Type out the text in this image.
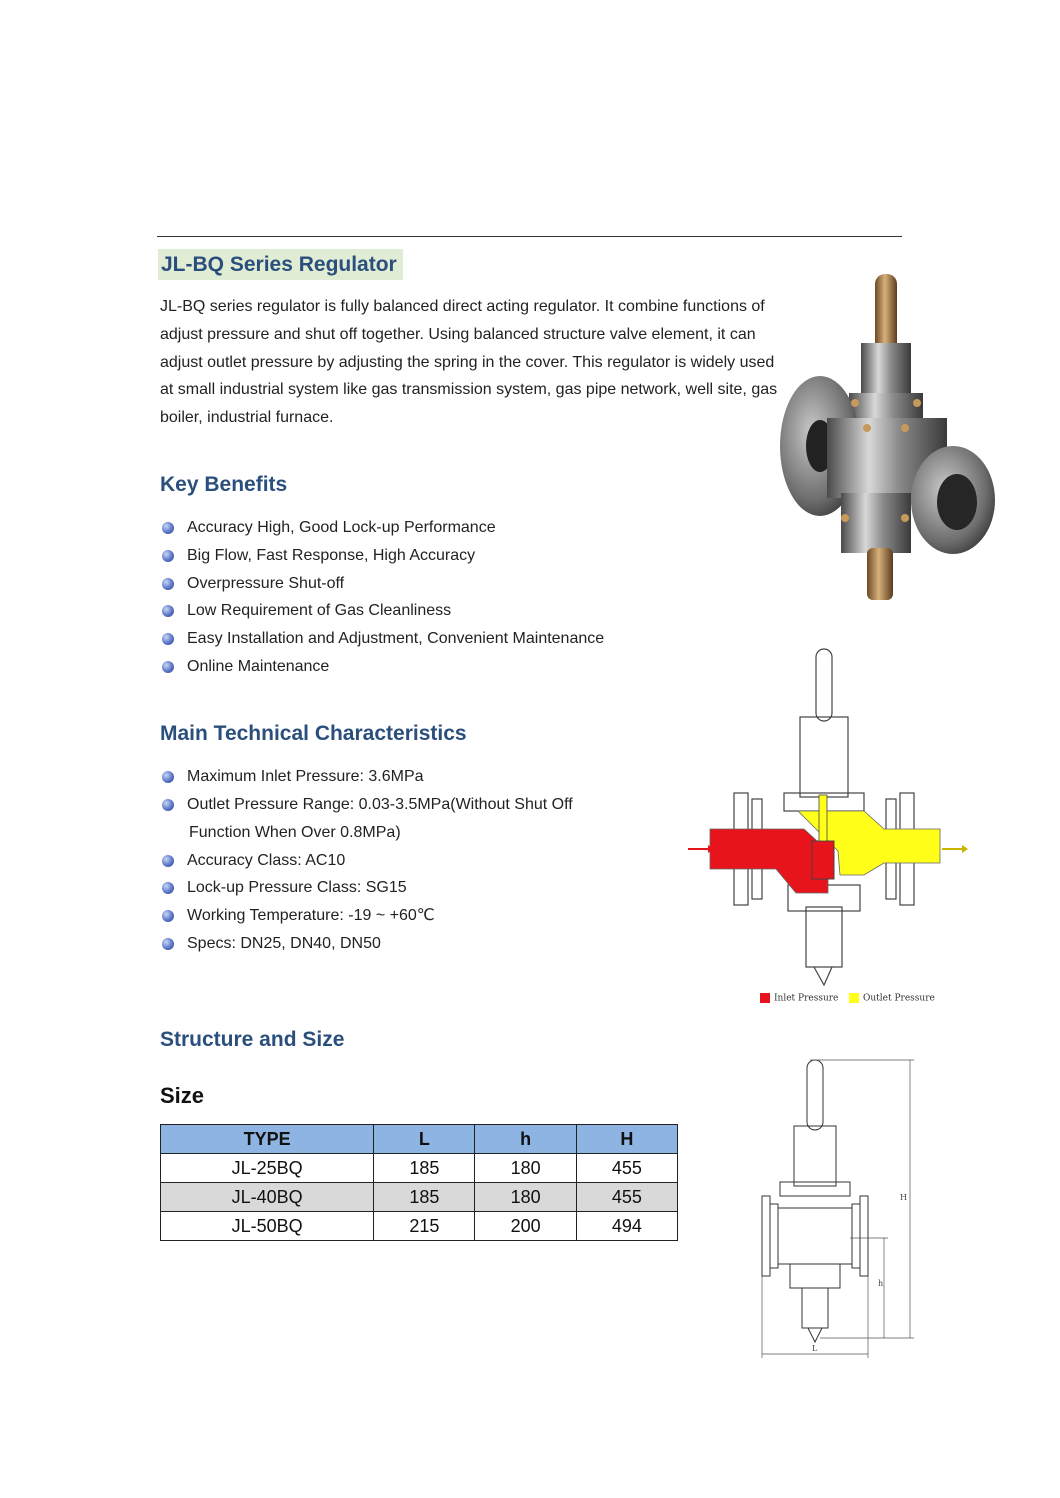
JL-BQ Series Regulator
JL-BQ series regulator is fully balanced direct acting regulator. It combine functions of adjust pressure and shut off together. Using balanced structure valve element, it can adjust outlet pressure by adjusting the spring in the cover. This regulator is widely used at small industrial system like gas transmission system, gas pipe network, well site, gas boiler, industrial furnace.
Key Benefits
Accuracy High, Good Lock-up Performance
Big Flow, Fast Response, High Accuracy
Overpressure Shut-off
Low Requirement of Gas Cleanliness
Easy Installation and Adjustment, Convenient Maintenance
Online Maintenance
Main Technical Characteristics
Maximum Inlet Pressure: 3.6MPa
Outlet Pressure Range: 0.03-3.5MPa(Without Shut Off
Function When Over 0.8MPa)
Accuracy Class: AC10
Lock-up Pressure Class: SG15
Working Temperature: -19 ~ +60℃
Specs: DN25, DN40, DN50
Structure and Size
Size
TYPE	L	h	H
JL-25BQ	185	180	455
JL-40BQ	185	180	455
JL-50BQ	215	200	494
Inlet Pressure	Outlet Pressure
H
h
L
